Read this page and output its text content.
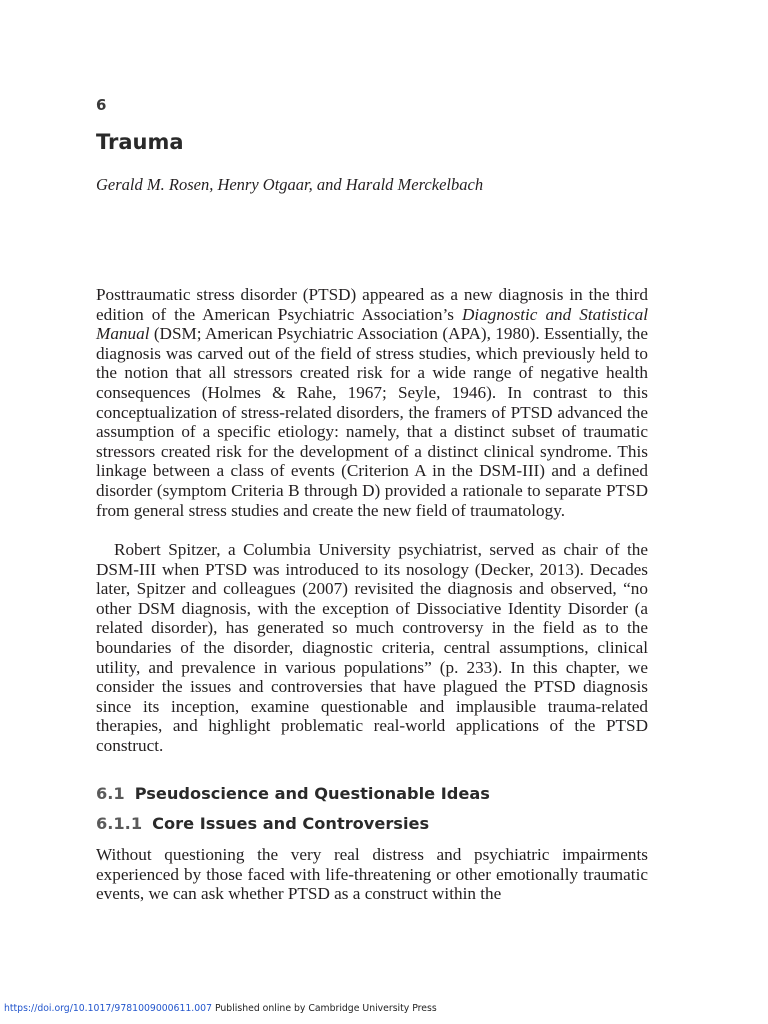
6
Trauma
Gerald M. Rosen, Henry Otgaar, and Harald Merckelbach

Posttraumatic stress disorder (PTSD) appeared as a new diagnosis in the third edition of the American Psychiatric Association’s Diagnostic and Statistical Manual (DSM; American Psychiatric Association (APA), 1980). Essentially, the diagnosis was carved out of the field of stress studies, which previously held to the notion that all stressors created risk for a wide range of negative health consequences (Holmes & Rahe, 1967; Seyle, 1946). In contrast to this conceptualization of stress-related disorders, the framers of PTSD advanced the assumption of a specific etiology: namely, that a distinct subset of traumatic stressors created risk for the development of a distinct clinical syndrome. This linkage between a class of events (Criterion A in the DSM-III) and a defined disorder (symptom Criteria B through D) provided a rationale to separate PTSD from general stress studies and create the new field of traumatology.

Robert Spitzer, a Columbia University psychiatrist, served as chair of the DSM-III when PTSD was introduced to its nosology (Decker, 2013). Decades later, Spitzer and colleagues (2007) revisited the diagnosis and observed, “no other DSM diagnosis, with the exception of Dissociative Identity Disorder (a related disorder), has generated so much controversy in the field as to the boundaries of the disorder, diagnostic criteria, central assumptions, clinical utility, and prevalence in various populations” (p. 233). In this chapter, we consider the issues and controversies that have plagued the PTSD diagnosis since its inception, examine questionable and implausible trauma-related therapies, and highlight problematic real-world applications of the PTSD construct.

6.1 Pseudoscience and Questionable Ideas
6.1.1 Core Issues and Controversies

Without questioning the very real distress and psychiatric impairments experienced by those faced with life-threatening or other emotionally traumatic events, we can ask whether PTSD as a construct within the

https://doi.org/10.1017/9781009000611.007 Published online by Cambridge University Press
